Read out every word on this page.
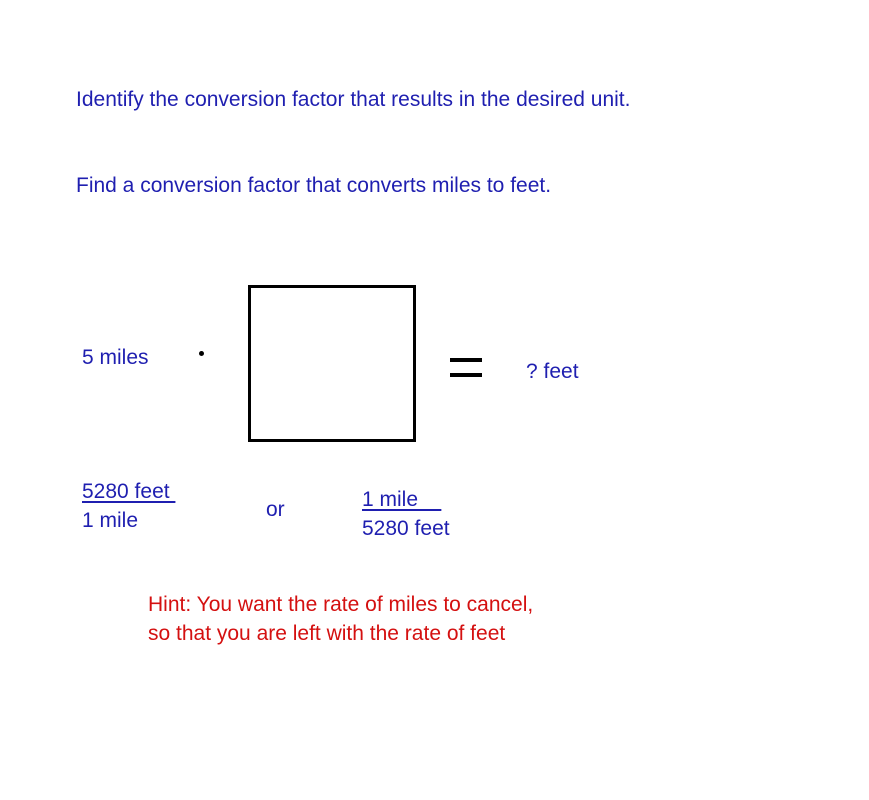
Identify the conversion factor that results in the desired unit.
Find a conversion factor that converts miles to feet.
5 miles
? feet
5280 feet
1 mile	or	1 mile
5280 feet
Hint: You want the rate of miles to cancel,
so that you are left with the rate of feet
